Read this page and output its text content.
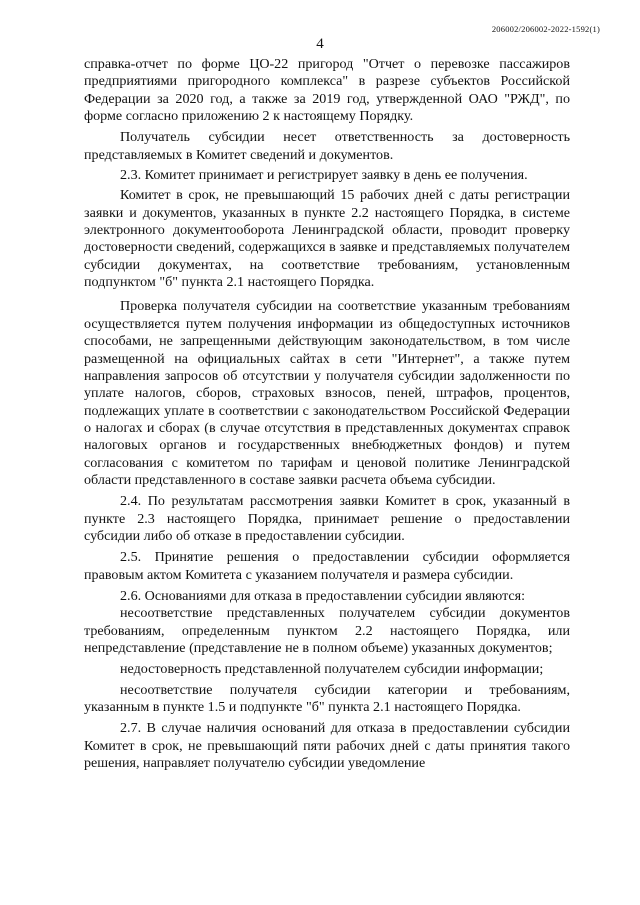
206002/206002-2022-1592(1)
4

справка-отчет по форме ЦО-22 пригород "Отчет о перевозке пассажиров предприятиями пригородного комплекса" в разрезе субъектов Российской Федерации за 2020 год, а также за 2019 год, утвержденной ОАО "РЖД", по форме согласно приложению 2 к настоящему Порядку.

Получатель субсидии несет ответственность за достоверность представляемых в Комитет сведений и документов.

2.3. Комитет принимает и регистрирует заявку в день ее получения.

Комитет в срок, не превышающий 15 рабочих дней с даты регистрации заявки и документов, указанных в пункте 2.2 настоящего Порядка, в системе электронного документооборота Ленинградской области, проводит проверку достоверности сведений, содержащихся в заявке и представляемых получателем субсидии документах, на соответствие требованиям, установленным подпунктом "б" пункта 2.1 настоящего Порядка.

Проверка получателя субсидии на соответствие указанным требованиям осуществляется путем получения информации из общедоступных источников способами, не запрещенными действующим законодательством, в том числе размещенной на официальных сайтах в сети "Интернет", а также путем направления запросов об отсутствии у получателя субсидии задолженности по уплате налогов, сборов, страховых взносов, пеней, штрафов, процентов, подлежащих уплате в соответствии с законодательством Российской Федерации о налогах и сборах (в случае отсутствия в представленных документах справок налоговых органов и государственных внебюджетных фондов) и путем согласования с комитетом по тарифам и ценовой политике Ленинградской области представленного в составе заявки расчета объема субсидии.

2.4. По результатам рассмотрения заявки Комитет в срок, указанный в пункте 2.3 настоящего Порядка, принимает решение о предоставлении субсидии либо об отказе в предоставлении субсидии.

2.5. Принятие решения о предоставлении субсидии оформляется правовым актом Комитета с указанием получателя и размера субсидии.

2.6. Основаниями для отказа в предоставлении субсидии являются:

несоответствие представленных получателем субсидии документов требованиям, определенным пунктом 2.2 настоящего Порядка, или непредставление (представление не в полном объеме) указанных документов;

недостоверность представленной получателем субсидии информации;

несоответствие получателя субсидии категории и требованиям, указанным в пункте 1.5 и подпункте "б" пункта 2.1 настоящего Порядка.

2.7. В случае наличия оснований для отказа в предоставлении субсидии Комитет в срок, не превышающий пяти рабочих дней с даты принятия такого решения, направляет получателю субсидии уведомление
